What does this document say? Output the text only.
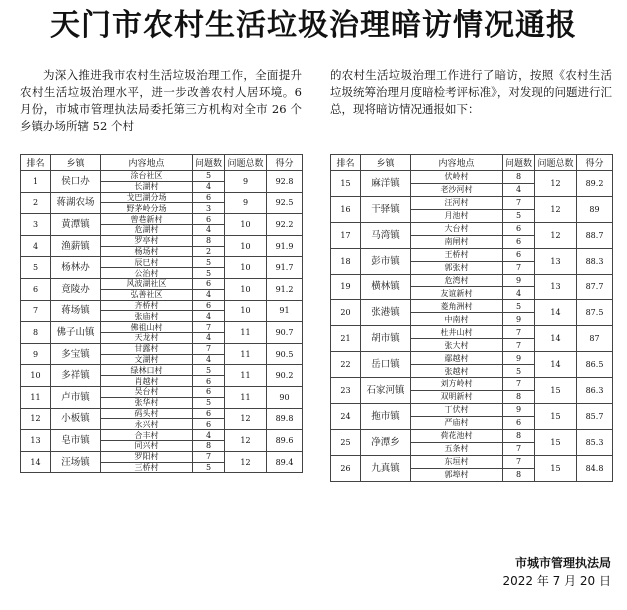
天门市农村生活垃圾治理暗访情况通报
为深入推进我市农村生活垃圾治理工作，全面提升农村生活垃圾治理水平，进一步改善农村人居环境。6 月份，市城市管理执法局委托第三方机构对全市 26 个乡镇办场所辖 52 个村
的农村生活垃圾治理工作进行了暗访，按照《农村生活垃圾统筹治理月度暗检考评标准》，对发现的问题进行汇总，现将暗访情况通报如下：
排名	乡镇	内容地点	问题数	问题总数	得分
1	侯口办	涂台社区	5	9	92.8
		长湖村	4		
2	蒋湖农场	戈巴湖分场	6	9	92.5
		野茅岭分场	3		
3	黄潭镇	曾巷新村	6	10	92.2
		危湖村	4		
4	渔薪镇	罗亭村	8	10	91.9
		杨场村	2		
5	杨林办	辰巳村	5	10	91.7
		公治村	5		
6	竟陵办	风波湖社区	6	10	91.2
		弘善社区	4		
7	蒋场镇	齐桥村	6	10	91
		张庙村	4		
8	佛子山镇	佛祖山村	7	11	90.7
		天龙村	4		
9	多宝镇	甘露村	7	11	90.5
		文湖村	4		
10	多祥镇	绿林口村	5	11	90.2
		肖越村	6		
11	卢市镇	吴台村	6	11	90
		张华村	5		
12	小板镇	码头村	6	12	89.8
		永兴村	6		
13	皂市镇	合丰村	4	12	89.6
		同兴村	8		
14	汪场镇	罗阳村	7	12	89.4
		三桥村	5		
排名	乡镇	内容地点	问题数	问题总数	得分
15	麻洋镇	伏岭村	8	12	89.2
		老沙河村	4		
16	干驿镇	汪河村	7	12	89
		月池村	5		
17	马湾镇	大台村	6	12	88.7
		南闸村	6		
18	彭市镇	王桥村	6	13	88.3
		郭张村	7		
19	横林镇	危湾村	9	13	87.7
		友谊新村	4		
20	张港镇	菱角洲村	5	14	87.5
		中南村	9		
21	胡市镇	杜井山村	7	14	87
		张大村	7		
22	岳口镇	鄢越村	9	14	86.5
		张越村	5		
23	石家河镇	刘方岭村	7	15	86.3
		双明新村	8		
24	拖市镇	丁伏村	9	15	85.7
		严庙村	6		
25	净潭乡	荷花池村	8	15	85.3
		五条村	7		
26	九真镇	东垣村	7	15	84.8
		郭埠村	8		
市城市管理执法局
2022 年 7 月 20 日
